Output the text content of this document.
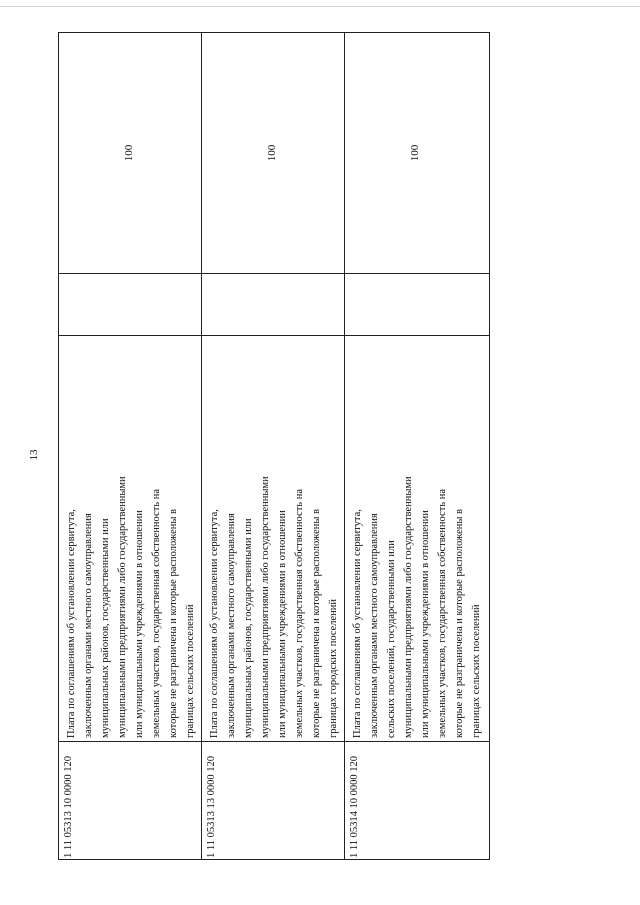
13
1 11 05313 10 0000 120
Плата по соглашениям об установлении сервитута, заключенным органами местного самоуправления муниципальных районов, государственными или муниципальными предприятиями либо государственными или муниципальными учреждениями в отношении земельных участков, государственная собственность на которые не разграничена и которые расположены в границах сельских поселений
100
1 11 05313 13 0000 120
Плата по соглашениям об установлении сервитута, заключенным органами местного самоуправления муниципальных районов, государственными или муниципальными предприятиями либо государственными или муниципальными учреждениями в отношении земельных участков, государственная собственность на которые не разграничена и которые расположены в границах городских поселений
100
1 11 05314 10 0000 120
Плата по соглашениям об установлении сервитута, заключенным органами местного самоуправления сельских поселений, государственными или муниципальными предприятиями либо государственными или муниципальными учреждениями в отношении земельных участков, государственная собственность на которые не разграничена и которые расположены в границах сельских поселений
100
